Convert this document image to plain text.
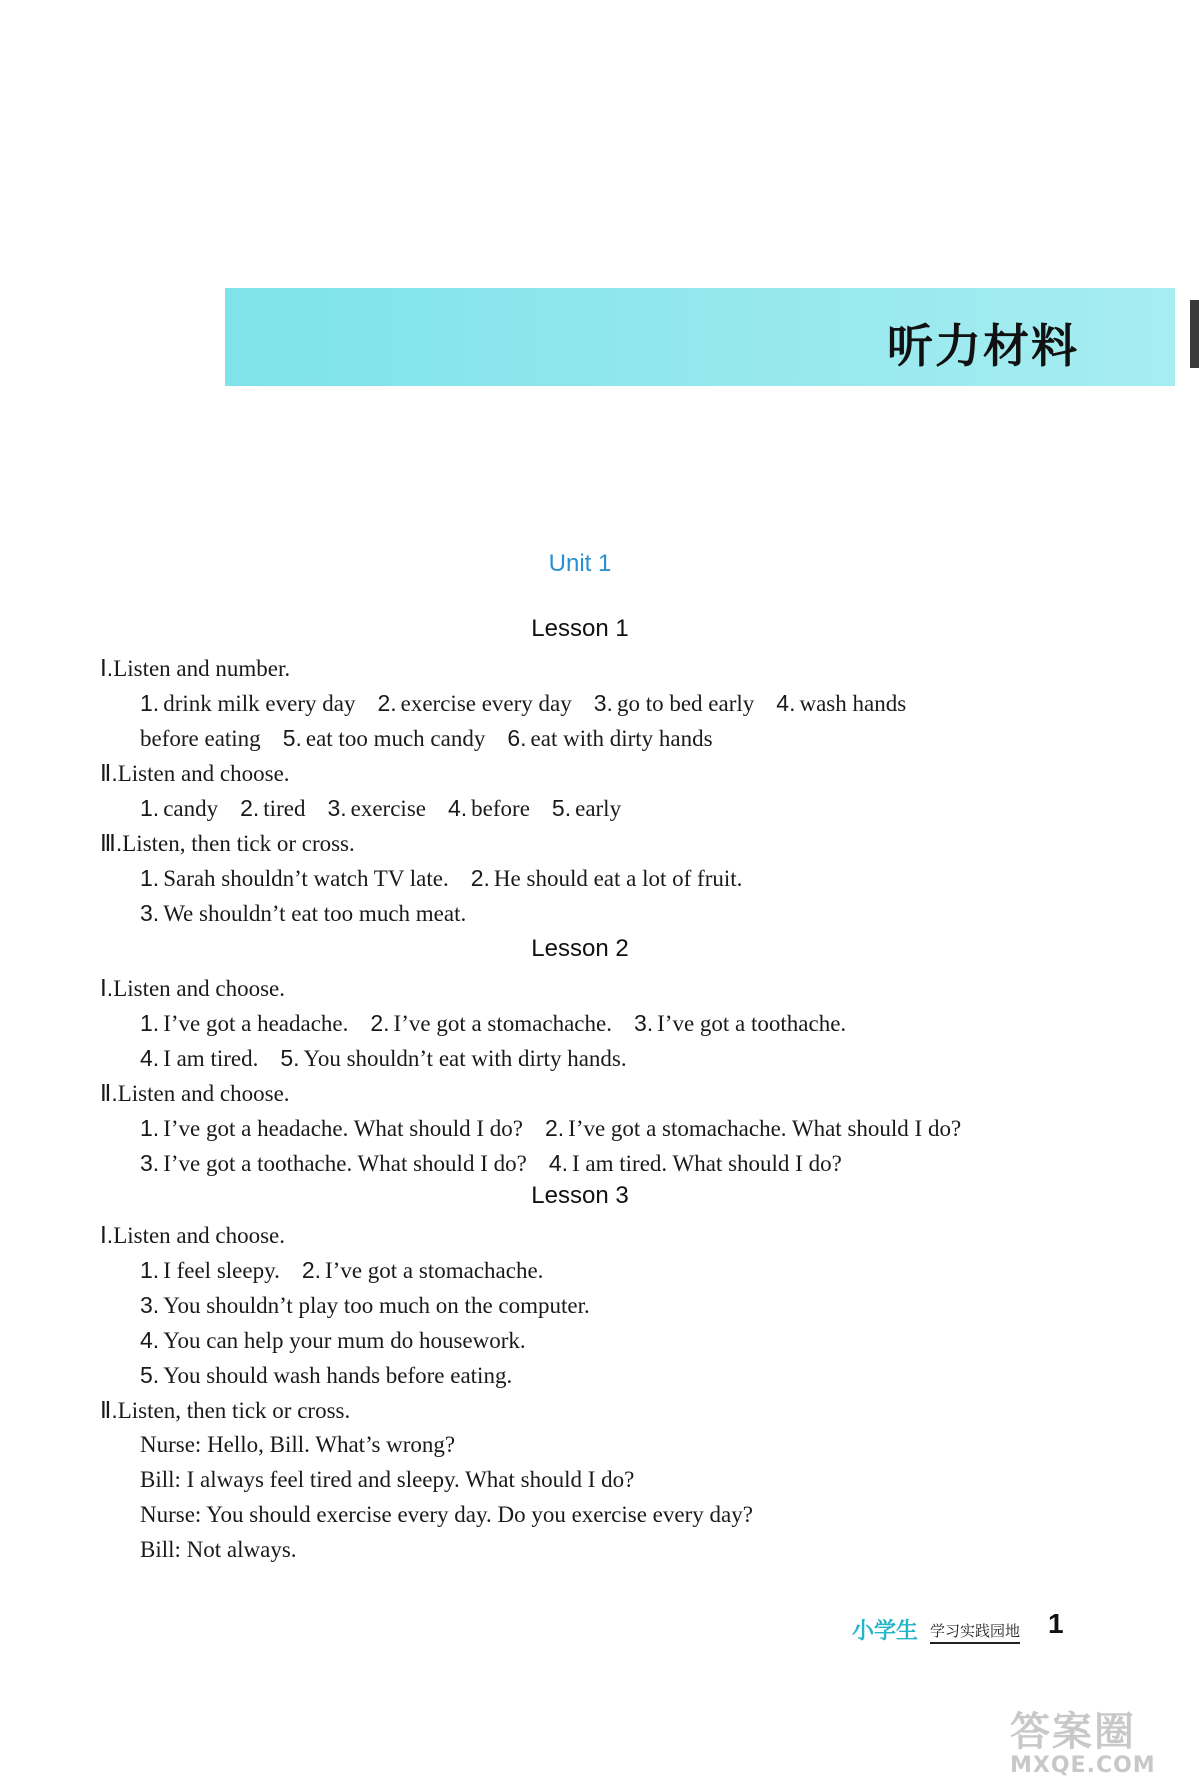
听力材料
Unit 1
Lesson 1
Ⅰ.Listen and number.
1. drink milk every day 2. exercise every day 3. go to bed early 4. wash hands
before eating 5. eat too much candy 6. eat with dirty hands
Ⅱ.Listen and choose.
1. candy 2. tired 3. exercise 4. before 5. early
Ⅲ.Listen, then tick or cross.
1. Sarah shouldn’t watch TV late. 2. He should eat a lot of fruit.
3. We shouldn’t eat too much meat.
Lesson 2
Ⅰ.Listen and choose.
1. I’ve got a headache. 2. I’ve got a stomachache. 3. I’ve got a toothache.
4. I am tired. 5. You shouldn’t eat with dirty hands.
Ⅱ.Listen and choose.
1. I’ve got a headache. What should I do? 2. I’ve got a stomachache. What should I do?
3. I’ve got a toothache. What should I do? 4. I am tired. What should I do?
Lesson 3
Ⅰ.Listen and choose.
1. I feel sleepy. 2. I’ve got a stomachache.
3. You shouldn’t play too much on the computer.
4. You can help your mum do housework.
5. You should wash hands before eating.
Ⅱ.Listen, then tick or cross.
Nurse: Hello, Bill. What’s wrong?
Bill: I always feel tired and sleepy. What should I do?
Nurse: You should exercise every day. Do you exercise every day?
Bill: Not always.
小学生 学习实践园地 1
答案圈
MXQE.COM
